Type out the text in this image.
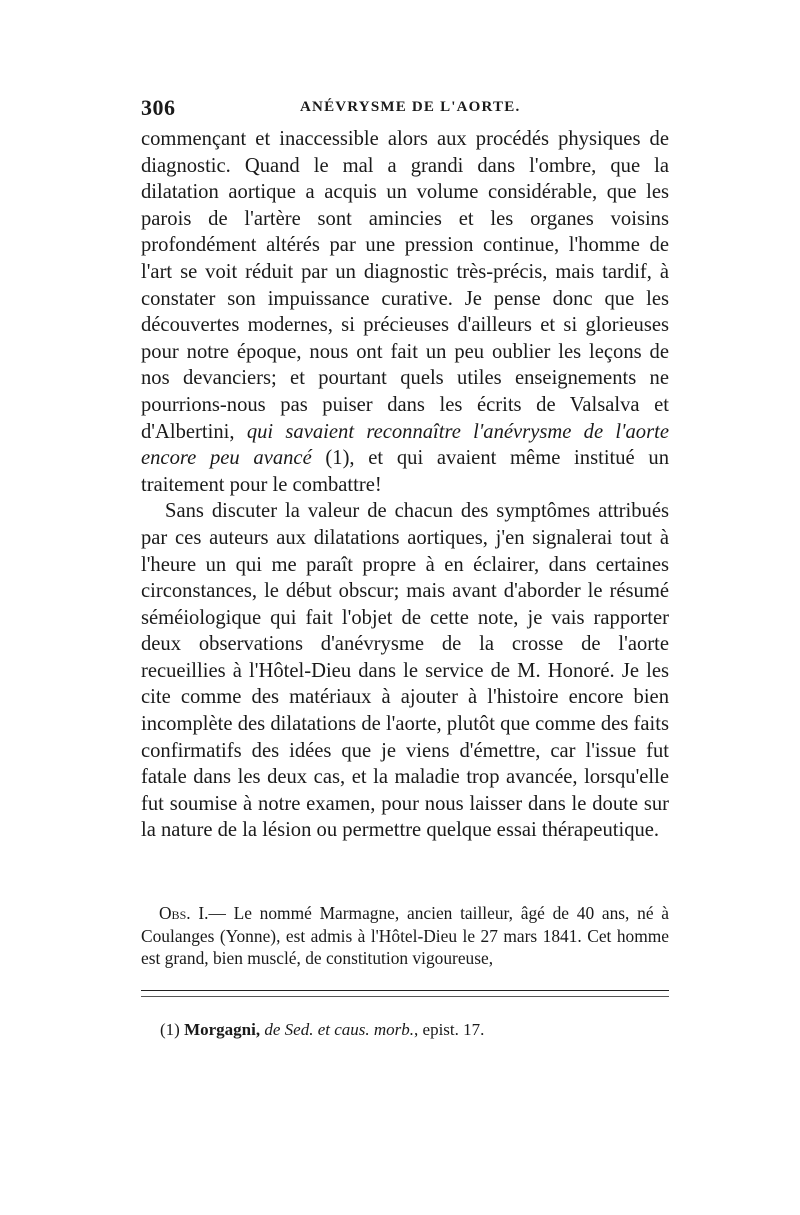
306	ANÉVRYSME DE L'AORTE.

commençant et inaccessible alors aux procédés physiques de diagnostic. Quand le mal a grandi dans l'ombre, que la dilatation aortique a acquis un volume considérable, que les parois de l'artère sont amincies et les organes voisins profondément altérés par une pression continue, l'homme de l'art se voit réduit par un diagnostic très-précis, mais tardif, à constater son impuissance curative. Je pense donc que les découvertes modernes, si précieuses d'ailleurs et si glorieuses pour notre époque, nous ont fait un peu oublier les leçons de nos devanciers; et pourtant quels utiles enseignements ne pourrions-nous pas puiser dans les écrits de Valsalva et d'Albertini, qui savaient reconnaître l'anévrysme de l'aorte encore peu avancé (1), et qui avaient même institué un traitement pour le combattre!

Sans discuter la valeur de chacun des symptômes attribués par ces auteurs aux dilatations aortiques, j'en signalerai tout à l'heure un qui me paraît propre à en éclairer, dans certaines circonstances, le début obscur; mais avant d'aborder le résumé séméiologique qui fait l'objet de cette note, je vais rapporter deux observations d'anévrysme de la crosse de l'aorte recueillies à l'Hôtel-Dieu dans le service de M. Honoré. Je les cite comme des matériaux à ajouter à l'histoire encore bien incomplète des dilatations de l'aorte, plutôt que comme des faits confirmatifs des idées que je viens d'émettre, car l'issue fut fatale dans les deux cas, et la maladie trop avancée, lorsqu'elle fut soumise à notre examen, pour nous laisser dans le doute sur la nature de la lésion ou permettre quelque essai thérapeutique.

Obs. I.— Le nommé Marmagne, ancien tailleur, âgé de 40 ans, né à Coulanges (Yonne), est admis à l'Hôtel-Dieu le 27 mars 1841. Cet homme est grand, bien musclé, de constitution vigoureuse,

(1) Morgagni, de Sed. et caus. morb., epist. 17.
